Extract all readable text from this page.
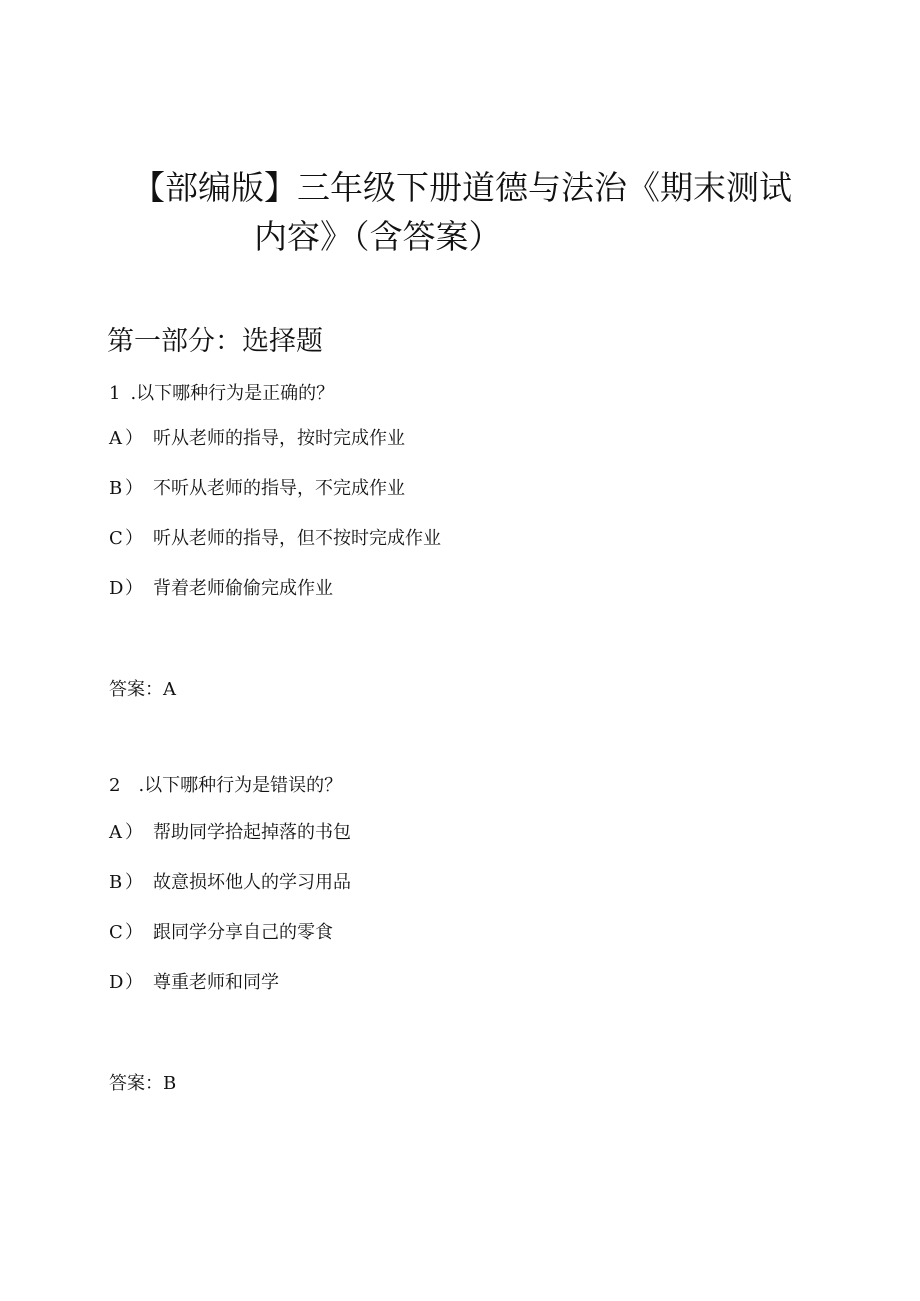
【部编版】三年级下册道德与法治《期末测试
内容》（含答案）
第一部分：选择题
1 .以下哪种行为是正确的？
A ） 听从老师的指导，按时完成作业
B ） 不听从老师的指导，不完成作业
C ） 听从老师的指导，但不按时完成作业
D） 背着老师偷偷完成作业
答案：A
2 .以下哪种行为是错误的？
A ） 帮助同学拾起掉落的书包
B ） 故意损坏他人的学习用品
C ） 跟同学分享自己的零食
D） 尊重老师和同学
答案：B
